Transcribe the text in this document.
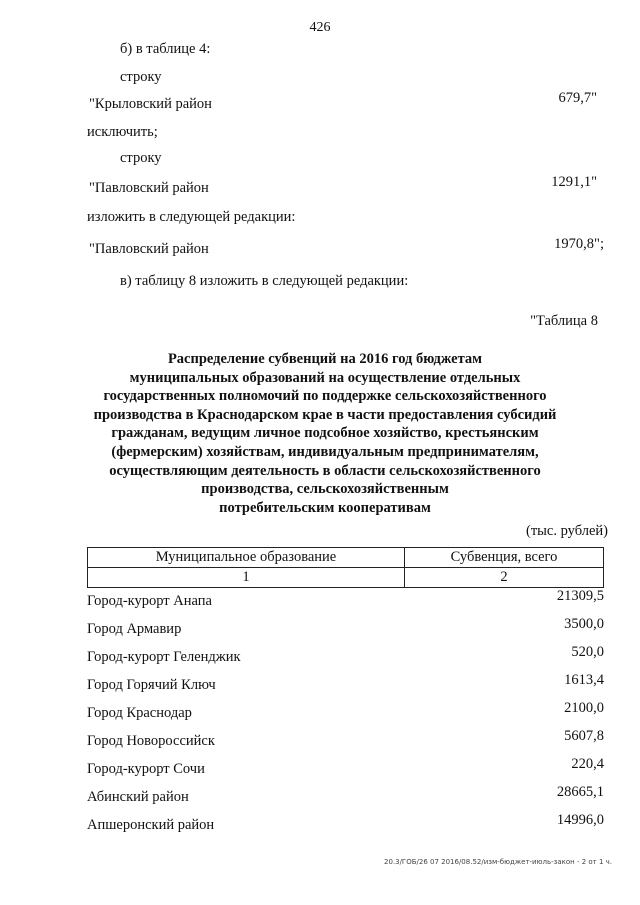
426
б) в таблице 4:
строку
"Крыловский район	679,7"
исключить;
строку
"Павловский район	1291,1"
изложить в следующей редакции:
"Павловский район	1970,8";
в) таблицу 8 изложить в следующей редакции:
"Таблица 8
Распределение субвенций на 2016 год бюджетам
муниципальных образований на осуществление отдельных
государственных полномочий по поддержке сельскохозяйственного
производства в Краснодарском крае в части предоставления субсидий
гражданам, ведущим личное подсобное хозяйство, крестьянским
(фермерским) хозяйствам, индивидуальным предпринимателям,
осуществляющим деятельность в области сельскохозяйственного
производства, сельскохозяйственным
потребительским кооперативам
(тыс. рублей)
Муниципальное образование	Субвенция, всего
1	2
Город-курорт Анапа	21309,5
Город Армавир	3500,0
Город-курорт Геленджик	520,0
Город Горячий Ключ	1613,4
Город Краснодар	2100,0
Город Новороссийск	5607,8
Город-курорт Сочи	220,4
Абинский район	28665,1
Апшеронский район	14996,0
20.3/ГОБ/26 07 2016/08.52/изм-бюджет-июль-закон - 2 от 1 ч.
